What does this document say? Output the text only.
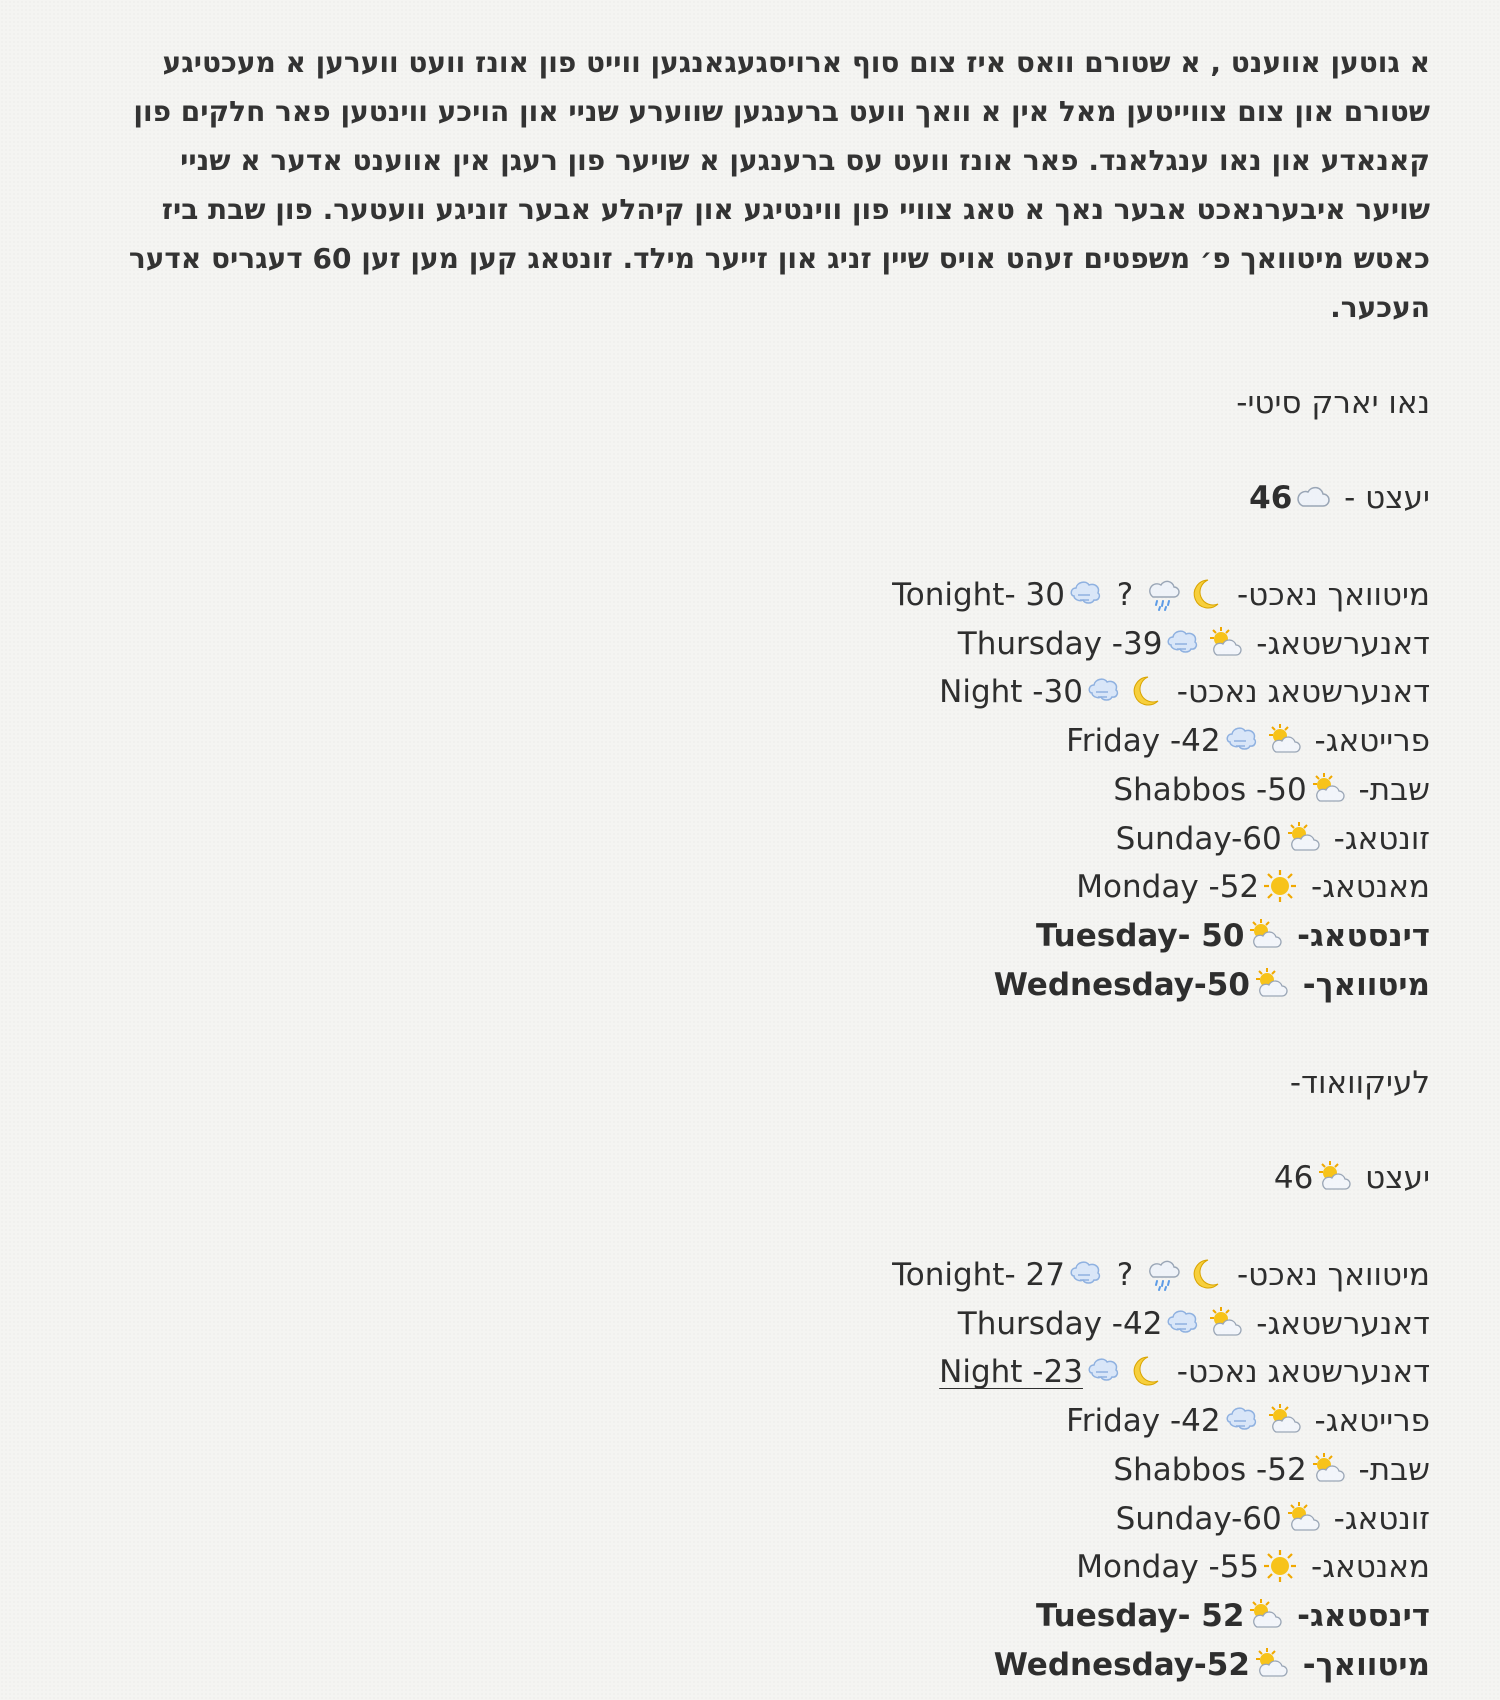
א גוטען אווענט , א שטורם וואס איז צום סוף ארויסגעגאנגען ווייט פון אונז וועט ווערען א מעכטיגע שטורם און צום צווייטען מאל אין א וואך וועט ברענגען שווערע שניי און הויכע ווינטען פאר חלקים פון קאנאדע און נאו ענגלאנד. פאר אונז וועט עס ברענגען א שויער פון רעגן אין אווענט אדער א שניי שויער איבערנאכט אבער נאך א טאג צוויי פון ווינטיגע און קיהלע אבער זוניגע וועטער. פון שבת ביז כאטש מיטוואך פ׳ משפטים זעהט אויס שיין זניג און זייער מילד. זונטאג קען מען זען 60 דעגריס אדער העכער.

נאו יארק סיטי-
יעצט -
46
מיטוואך נאכט-
?
Tonight- 30
דאנערשטאג-
Thursday -39
דאנערשטאג נאכט-
Night -30
פרייטאג-
Friday -42
שבת-
Shabbos -50
זונטאג-
Sunday-60
מאנטאג-
Monday -52
דינסטאג-
Tuesday- 50
מיטוואך-
Wednesday-50
לעיקוואוד-
יעצט
46
מיטוואך נאכט-
?
Tonight- 27
דאנערשטאג-
Thursday -42
דאנערשטאג נאכט-
Night -23
פרייטאג-
Friday -42
שבת-
Shabbos -52
זונטאג-
Sunday-60
מאנטאג-
Monday -55
דינסטאג-
Tuesday- 52
מיטוואך-
Wednesday-52
